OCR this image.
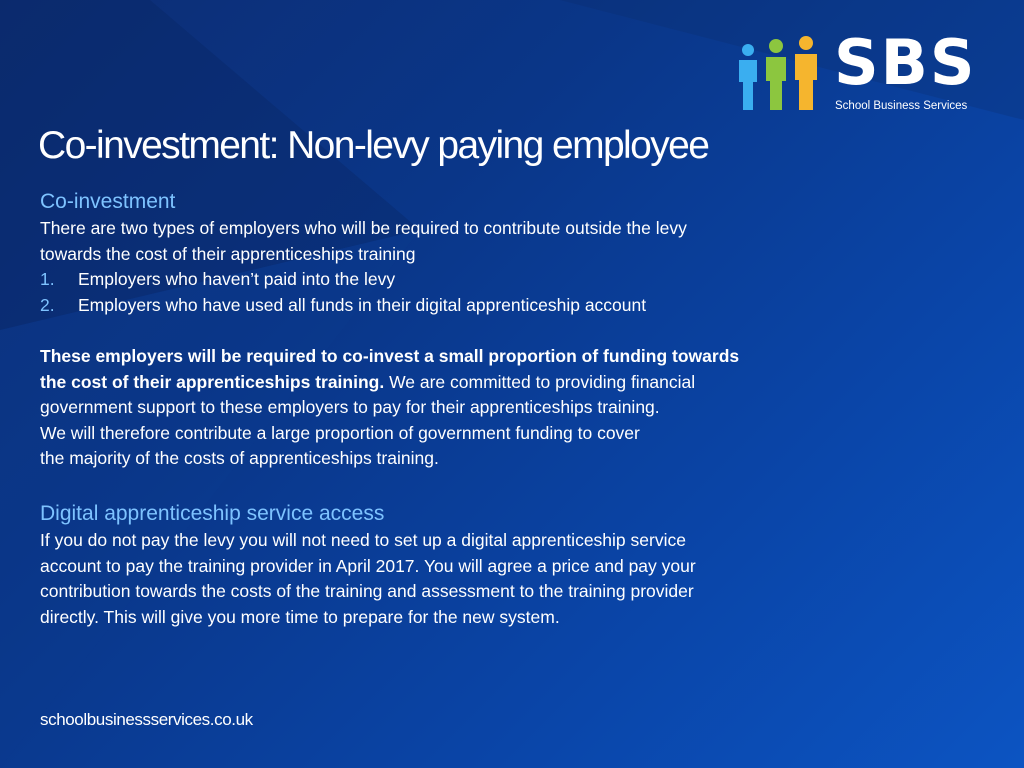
SBS
School Business Services
Co-investment: Non-levy paying employee
Co-investment

There are two types of employers who will be required to contribute outside the levy

towards the cost of their apprenticeships training

1.	Employers who haven’t paid into the levy
2.	Employers who have used all funds in their digital apprenticeship account

These employers will be required to co-invest a small proportion of funding towards

the cost of their apprenticeships training. We are committed to providing financial

government support to these employers to pay for their apprenticeships training.

We will therefore contribute a large proportion of government funding to cover

the majority of the costs of apprenticeships training.

Digital apprenticeship service access

If you do not pay the levy you will not need to set up a digital apprenticeship service

account to pay the training provider in April 2017. You will agree a price and pay your

contribution towards the costs of the training and assessment to the training provider

directly. This will give you more time to prepare for the new system.

schoolbusinessservices.co.uk
